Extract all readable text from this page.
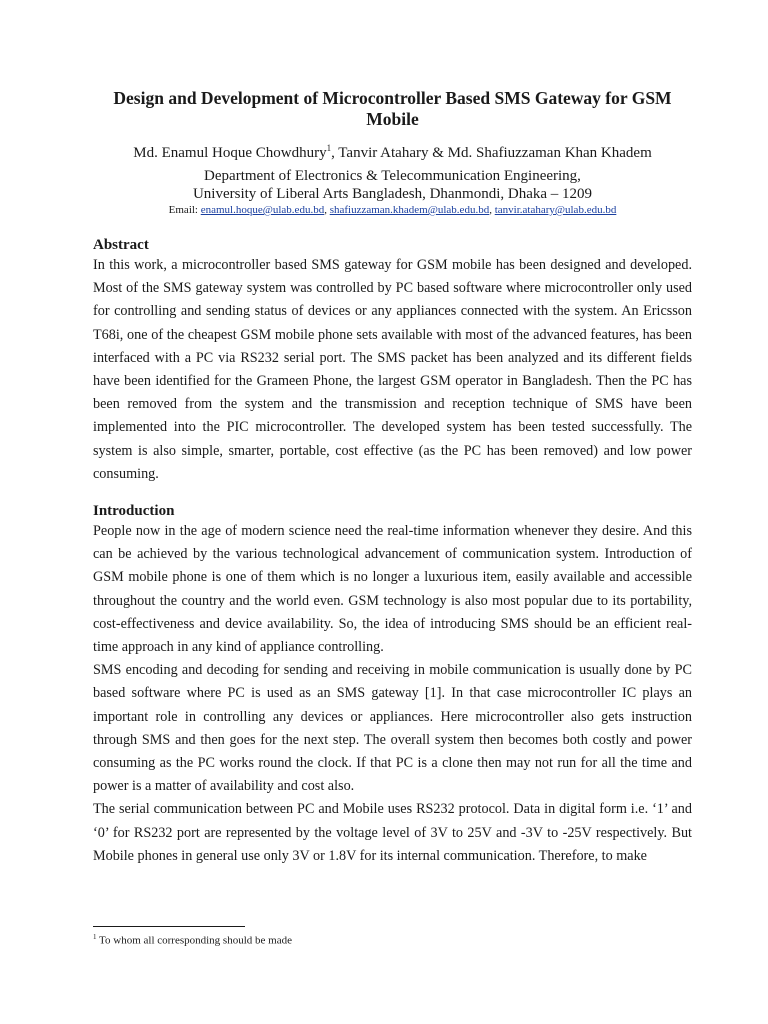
Design and Development of Microcontroller Based SMS Gateway for GSM Mobile
Md. Enamul Hoque Chowdhury$^1$, Tanvir Atahary & Md. Shafiuzzaman Khan Khadem
Department of Electronics & Telecommunication Engineering,
University of Liberal Arts Bangladesh, Dhanmondi, Dhaka – 1209
Email: enamul.hoque@ulab.edu.bd, shafiuzzaman.khadem@ulab.edu.bd, tanvir.atahary@ulab.edu.bd
Abstract

In this work, a microcontroller based SMS gateway for GSM mobile has been designed and developed. Most of the SMS gateway system was controlled by PC based software where microcontroller only used for controlling and sending status of devices or any appliances connected with the system. An Ericsson T68i, one of the cheapest GSM mobile phone sets available with most of the advanced features, has been interfaced with a PC via RS232 serial port. The SMS packet has been analyzed and its different fields have been identified for the Grameen Phone, the largest GSM operator in Bangladesh. Then the PC has been removed from the system and the transmission and reception technique of SMS have been implemented into the PIC microcontroller. The developed system has been tested successfully. The system is also simple, smarter, portable, cost effective (as the PC has been removed) and low power consuming.

Introduction

People now in the age of modern science need the real-time information whenever they desire. And this can be achieved by the various technological advancement of communication system. Introduction of GSM mobile phone is one of them which is no longer a luxurious item, easily available and accessible throughout the country and the world even. GSM technology is also most popular due to its portability, cost-effectiveness and device availability. So, the idea of introducing SMS should be an efficient real-time approach in any kind of appliance controlling.

SMS encoding and decoding for sending and receiving in mobile communication is usually done by PC based software where PC is used as an SMS gateway [1]. In that case microcontroller IC plays an important role in controlling any devices or appliances. Here microcontroller also gets instruction through SMS and then goes for the next step. The overall system then becomes both costly and power consuming as the PC works round the clock. If that PC is a clone then may not run for all the time and power is a matter of availability and cost also.

The serial communication between PC and Mobile uses RS232 protocol. Data in digital form i.e. ‘1’ and ‘0’ for RS232 port are represented by the voltage level of 3V to 25V and -3V to -25V respectively. But Mobile phones in general use only 3V or 1.8V for its internal communication. Therefore, to make

$^1$ To whom all corresponding should be made
